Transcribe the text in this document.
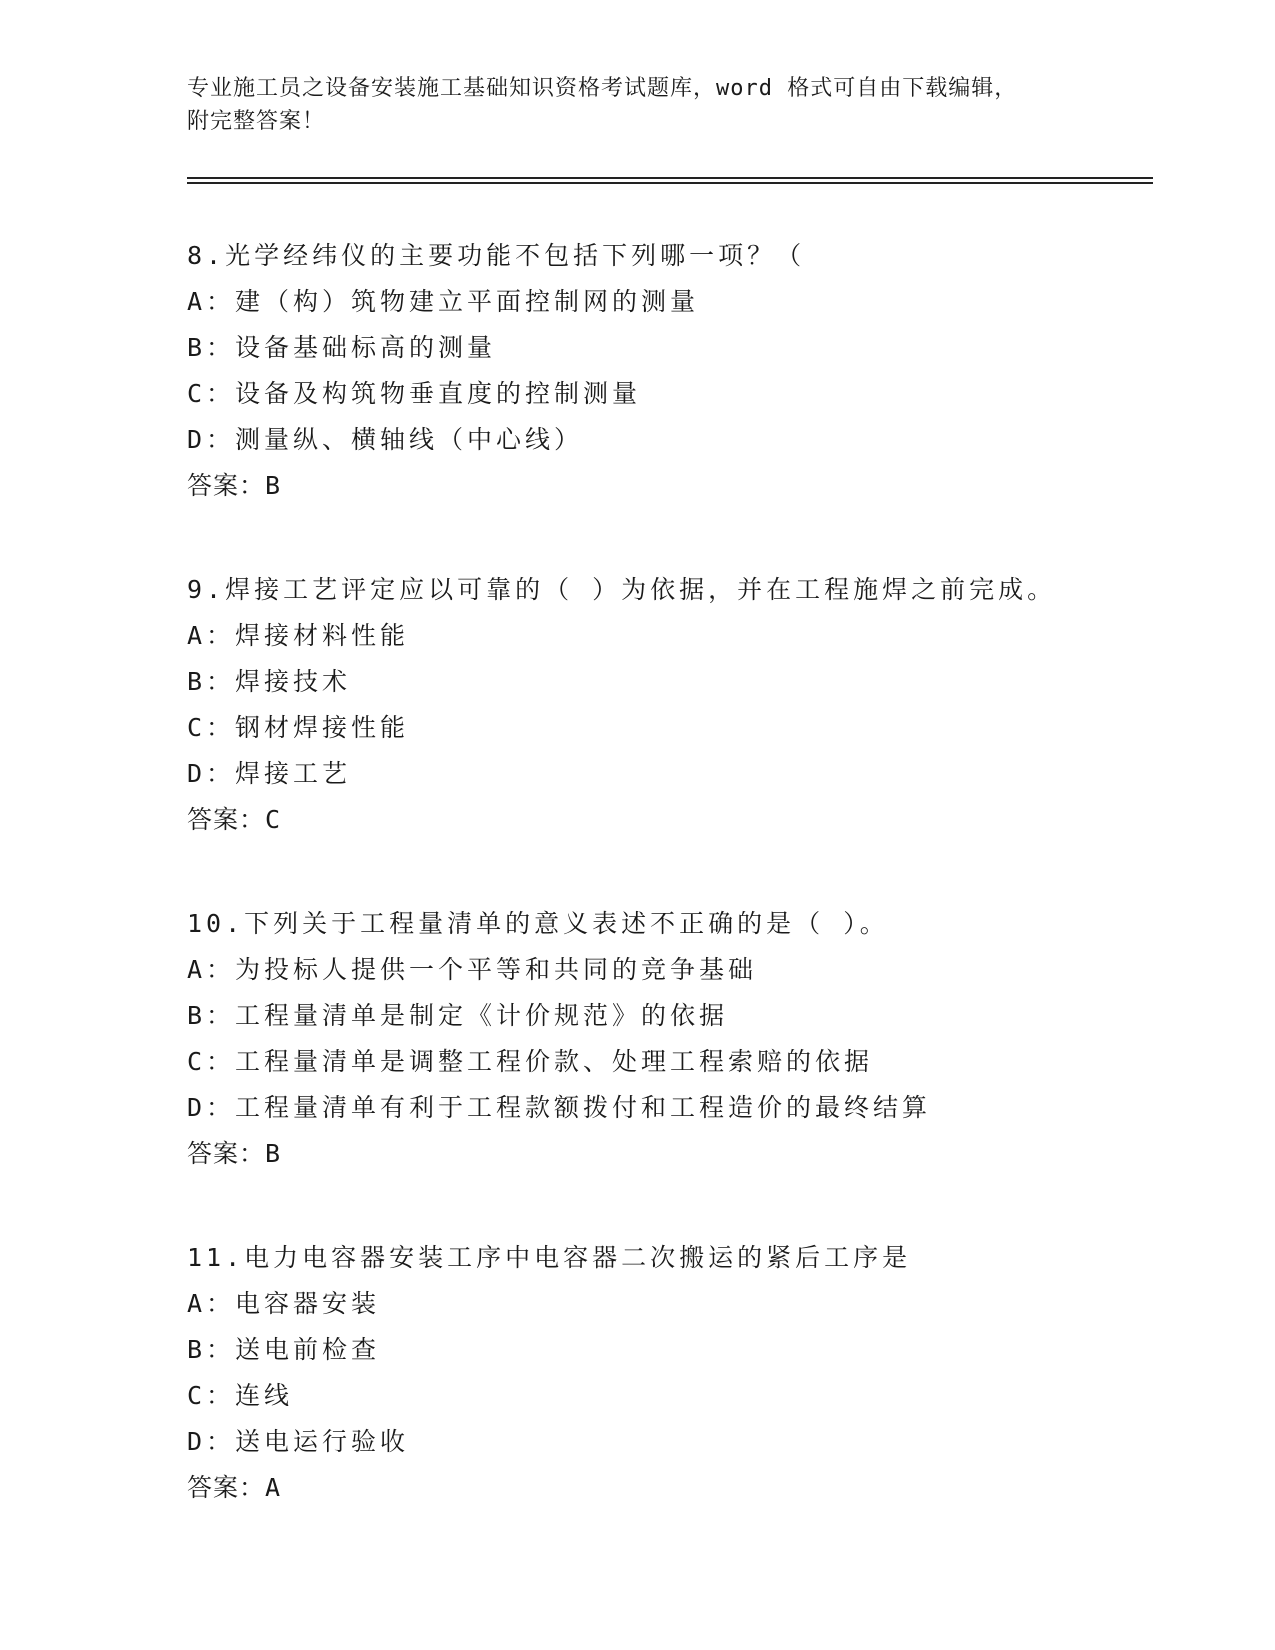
专业施工员之设备安装施工基础知识资格考试题库，word 格式可自由下载编辑，
附完整答案！
8.光学经纬仪的主要功能不包括下列哪一项？（
A：建（构）筑物建立平面控制网的测量
B：设备基础标高的测量
C：设备及构筑物垂直度的控制测量
D：测量纵、横轴线（中心线）
答案：B
9.焊接工艺评定应以可靠的（ ）为依据，并在工程施焊之前完成。
A：焊接材料性能
B：焊接技术
C：钢材焊接性能
D：焊接工艺
答案：C
10.下列关于工程量清单的意义表述不正确的是（ ）。
A：为投标人提供一个平等和共同的竞争基础
B：工程量清单是制定《计价规范》的依据
C：工程量清单是调整工程价款、处理工程索赔的依据
D：工程量清单有利于工程款额拨付和工程造价的最终结算
答案：B
11.电力电容器安装工序中电容器二次搬运的紧后工序是
A：电容器安装
B：送电前检查
C：连线
D：送电运行验收
答案：A
